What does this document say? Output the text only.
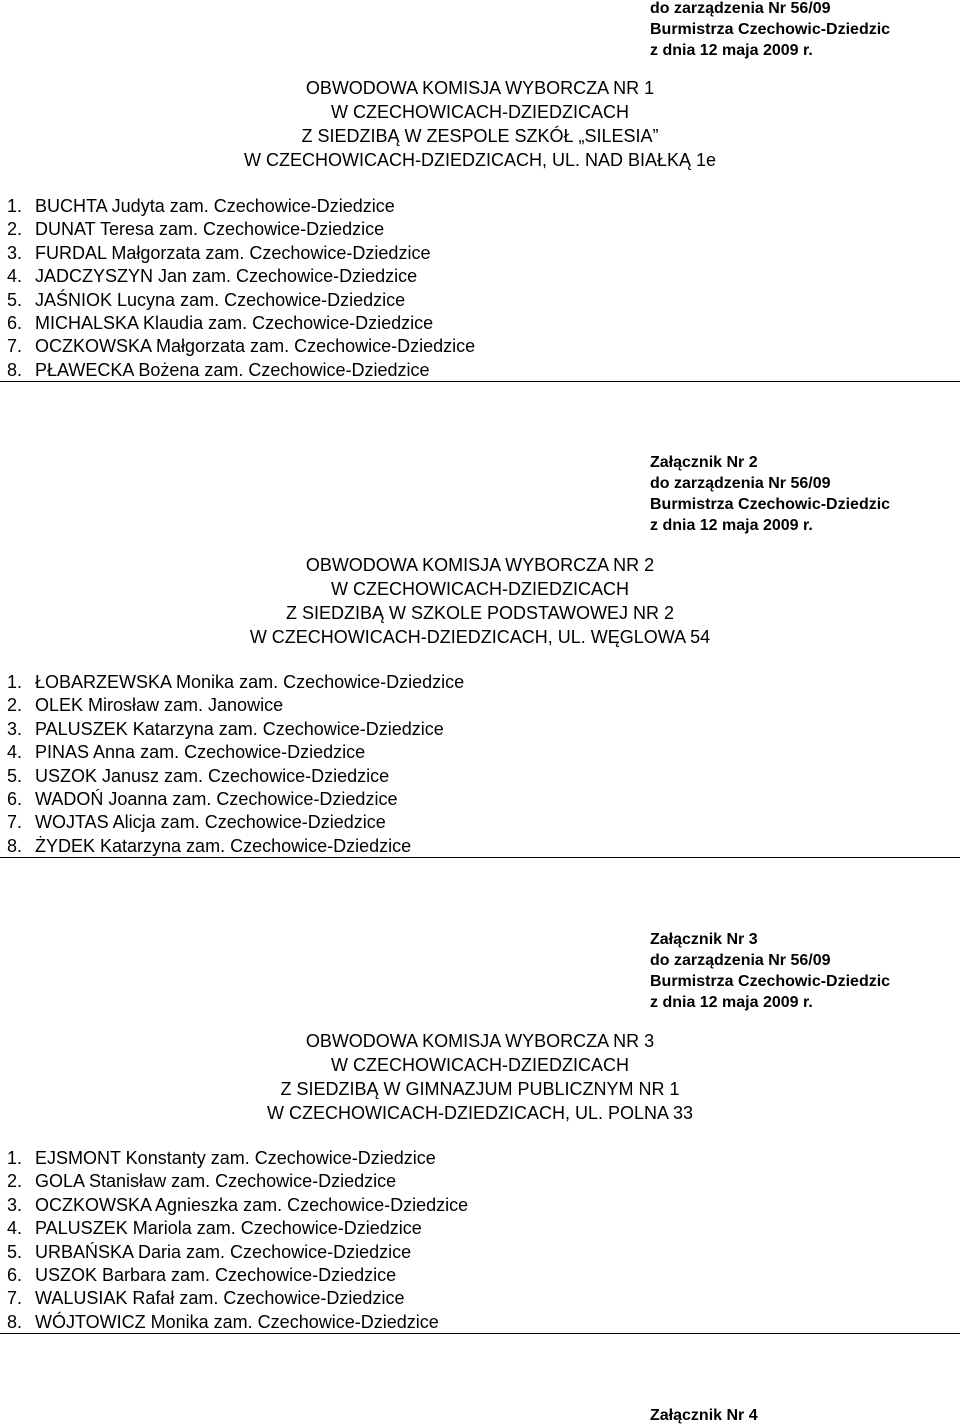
do zarządzenia Nr 56/09
Burmistrza Czechowic-Dziedzic
z dnia 12 maja 2009 r.
OBWODOWA KOMISJA WYBORCZA NR 1
W CZECHOWICACH-DZIEDZICACH
Z SIEDZIBĄ W ZESPOLE SZKÓŁ „SILESIA”
W CZECHOWICACH-DZIEDZICACH, UL. NAD BIAŁKĄ 1e
1. BUCHTA Judyta zam. Czechowice-Dziedzice
2. DUNAT Teresa zam. Czechowice-Dziedzice
3. FURDAL Małgorzata zam. Czechowice-Dziedzice
4. JADCZYSZYN Jan zam. Czechowice-Dziedzice
5. JAŚNIOK Lucyna zam. Czechowice-Dziedzice
6. MICHALSKA Klaudia zam. Czechowice-Dziedzice
7. OCZKOWSKA Małgorzata zam. Czechowice-Dziedzice
8. PŁAWECKA Bożena zam. Czechowice-Dziedzice
Załącznik Nr 2
do zarządzenia Nr 56/09
Burmistrza Czechowic-Dziedzic
z dnia 12 maja 2009 r.
OBWODOWA KOMISJA WYBORCZA NR 2
W CZECHOWICACH-DZIEDZICACH
Z SIEDZIBĄ W SZKOLE PODSTAWOWEJ NR 2
W CZECHOWICACH-DZIEDZICACH, UL. WĘGLOWA 54
1. ŁOBARZEWSKA Monika zam. Czechowice-Dziedzice
2. OLEK Mirosław zam. Janowice
3. PALUSZEK Katarzyna zam. Czechowice-Dziedzice
4. PINAS Anna zam. Czechowice-Dziedzice
5. USZOK Janusz zam. Czechowice-Dziedzice
6. WADOŃ Joanna zam. Czechowice-Dziedzice
7. WOJTAS Alicja zam. Czechowice-Dziedzice
8. ŻYDEK Katarzyna zam. Czechowice-Dziedzice
Załącznik Nr 3
do zarządzenia Nr 56/09
Burmistrza Czechowic-Dziedzic
z dnia 12 maja 2009 r.
OBWODOWA KOMISJA WYBORCZA NR 3
W CZECHOWICACH-DZIEDZICACH
Z SIEDZIBĄ W GIMNAZJUM PUBLICZNYM NR 1
W CZECHOWICACH-DZIEDZICACH, UL. POLNA 33
1. EJSMONT Konstanty zam. Czechowice-Dziedzice
2. GOLA Stanisław zam. Czechowice-Dziedzice
3. OCZKOWSKA Agnieszka zam. Czechowice-Dziedzice
4. PALUSZEK Mariola zam. Czechowice-Dziedzice
5. URBAŃSKA Daria zam. Czechowice-Dziedzice
6. USZOK Barbara zam. Czechowice-Dziedzice
7. WALUSIAK Rafał zam. Czechowice-Dziedzice
8. WÓJTOWICZ Monika zam. Czechowice-Dziedzice
Załącznik Nr 4
